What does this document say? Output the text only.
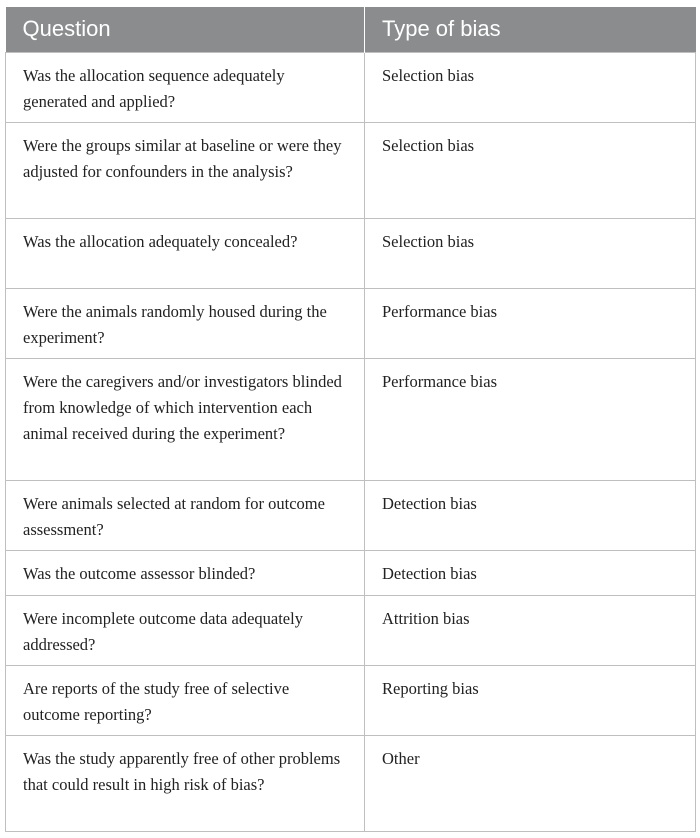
Question	Type of bias
Was the allocation sequence adequately generated and applied?	Selection bias
Were the groups similar at baseline or were they adjusted for confounders in the analysis?	Selection bias
Was the allocation adequately concealed?	Selection bias
Were the animals randomly housed during the experiment?	Performance bias
Were the caregivers and/or investigators blinded from knowledge of which intervention each animal received during the experiment?	Performance bias
Were animals selected at random for outcome assessment?	Detection bias
Was the outcome assessor blinded?	Detection bias
Were incomplete outcome data adequately addressed?	Attrition bias
Are reports of the study free of selective outcome reporting?	Reporting bias
Was the study apparently free of other problems that could result in high risk of bias?	Other
